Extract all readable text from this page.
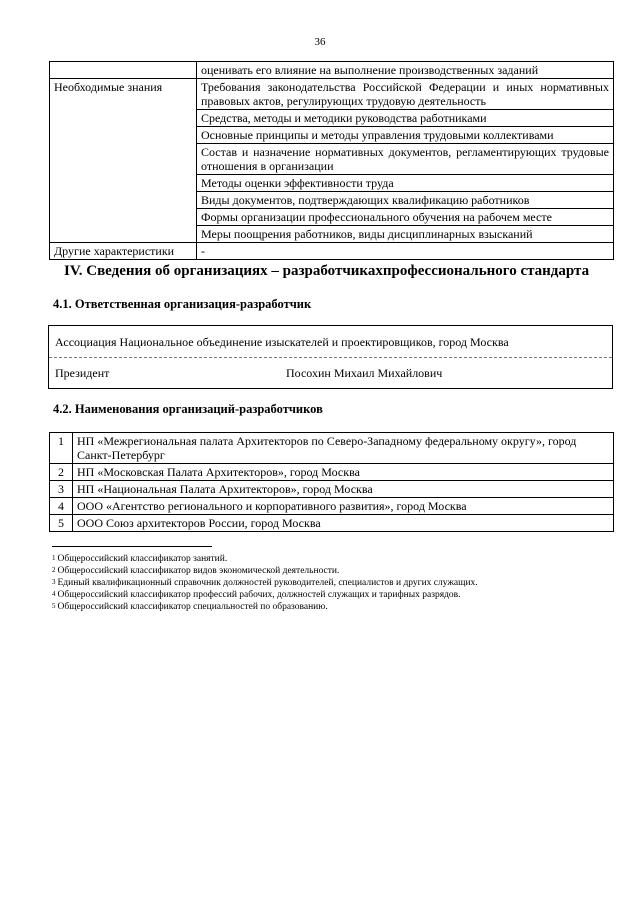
36
	оценивать его влияние на выполнение производственных заданий
Необходимые знания	Требования законодательства Российской Федерации и иных нормативных правовых актов, регулирующих трудовую деятельность
	Средства, методы и методики руководства работниками
	Основные принципы и методы управления трудовыми коллективами
	Состав и назначение нормативных документов, регламентирующих трудовые отношения в организации
	Методы оценки эффективности труда
	Виды документов, подтверждающих квалификацию работников
	Формы организации профессионального обучения на рабочем месте
	Меры поощрения работников, виды дисциплинарных взысканий
Другие характеристики	-
IV. Сведения об организациях – разработчикахпрофессионального стандарта
4.1. Ответственная организация-разработчик
Ассоциация Национальное объединение изыскателей и проектировщиков, город Москва
Президент	Посохин Михаил Михайлович
4.2. Наименования организаций-разработчиков
1	НП «Межрегиональная палата Архитекторов по Северо-Западному федеральному округу», город Санкт-Петербург
2	НП «Московская Палата Архитекторов», город Москва
3	НП «Национальная Палата Архитекторов», город Москва
4	ООО «Агентство регионального и корпоративного развития», город Москва
5	ООО Союз архитекторов России, город Москва
$^1$ Общероссийский классификатор занятий.
$^2$ Общероссийский классификатор видов экономической деятельности.
$^3$ Единый квалификационный справочник должностей руководителей, специалистов и других служащих.
$^4$ Общероссийский классификатор профессий рабочих, должностей служащих и тарифных разрядов.
$^5$ Общероссийский классификатор специальностей по образованию.
